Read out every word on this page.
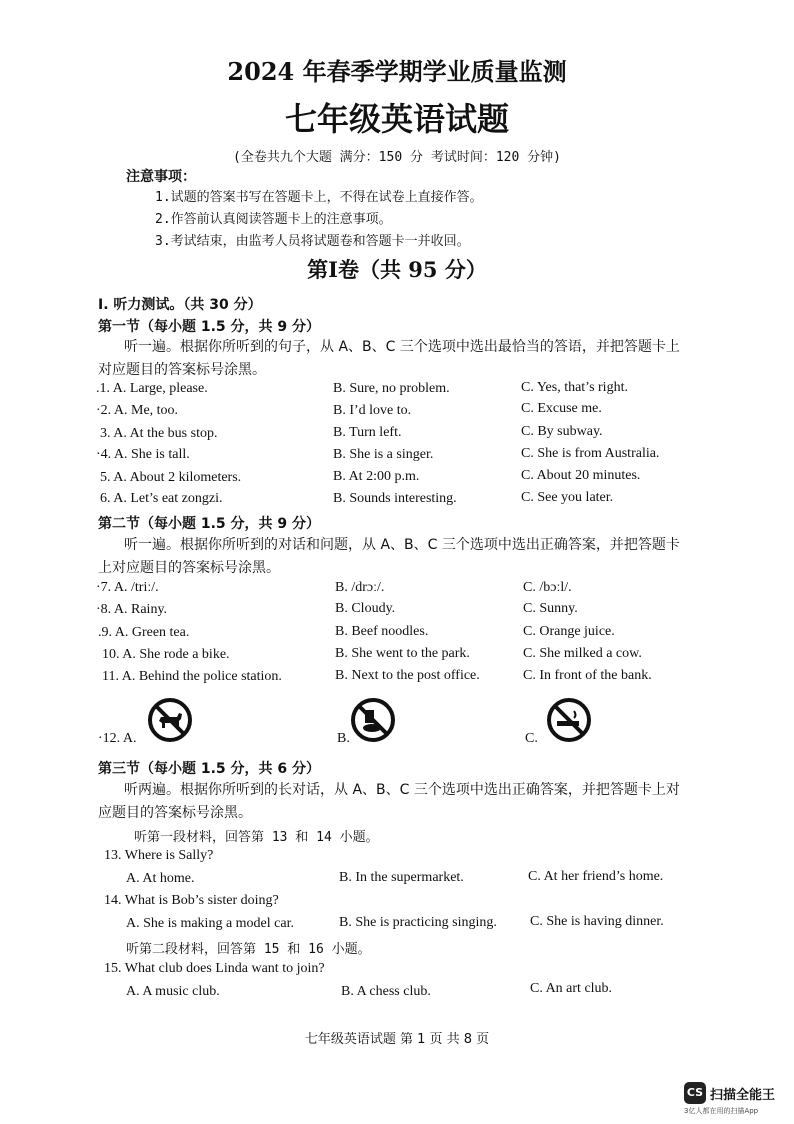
2024 年春季学期学业质量监测
七年级英语试题
(全卷共九个大题 满分：150 分 考试时间：120 分钟)
注意事项：
1.试题的答案书写在答题卡上，不得在试卷上直接作答。
2.作答前认真阅读答题卡上的注意事项。
3.考试结束，由监考人员将试题卷和答题卡一并收回。
第Ⅰ卷（共 95 分）
I. 听力测试。（共 30 分）
第一节（每小题 1.5 分，共 9 分）
听一遍。根据你所听到的句子，从 A、B、C 三个选项中选出最恰当的答语，并把答题卡上
对应题目的答案标号涂黑。
.1. A. Large, please.	B. Sure, no problem.	C. Yes, that’s right.
·2. A. Me, too.	B. I’d love to.	C. Excuse me.
3. A. At the bus stop.	B. Turn left.	C. By subway.
·4. A. She is tall.	B. She is a singer.	C. She is from Australia.
5. A. About 2 kilometers.	B. At 2:00 p.m.	C. About 20 minutes.
6. A. Let’s eat zongzi.	B. Sounds interesting.	C. See you later.
第二节（每小题 1.5 分，共 9 分）
听一遍。根据你所听到的对话和问题，从 A、B、C 三个选项中选出正确答案，并把答题卡
上对应题目的答案标号涂黑。
·7. A. /triː/.	B. /drɔː/.	C. /bɔːl/.
·8. A. Rainy.	B. Cloudy.	C. Sunny.
.9. A. Green tea.	B. Beef noodles.	C. Orange juice.
10. A. She rode a bike.	B. She went to the park.	C. She milked a cow.
11. A. Behind the police station.	B. Next to the post office.	C. In front of the bank.
·12. A.	B.	C.
第三节（每小题 1.5 分，共 6 分）
听两遍。根据你所听到的长对话，从 A、B、C 三个选项中选出正确答案，并把答题卡上对
应题目的答案标号涂黑。
听第一段材料，回答第 13 和 14 小题。
13. Where is Sally?
A. At home.	B. In the supermarket.	C. At her friend’s home.
14. What is Bob’s sister doing?
A. She is making a model car.	B. She is practicing singing. C. She is having dinner.
听第二段材料，回答第 15 和 16 小题。
15. What club does Linda want to join?
A. A music club.	B. A chess club.	C. An art club.
七年级英语试题 第 1 页 共 8 页
CS 扫描全能王
3亿人都在用的扫描App
